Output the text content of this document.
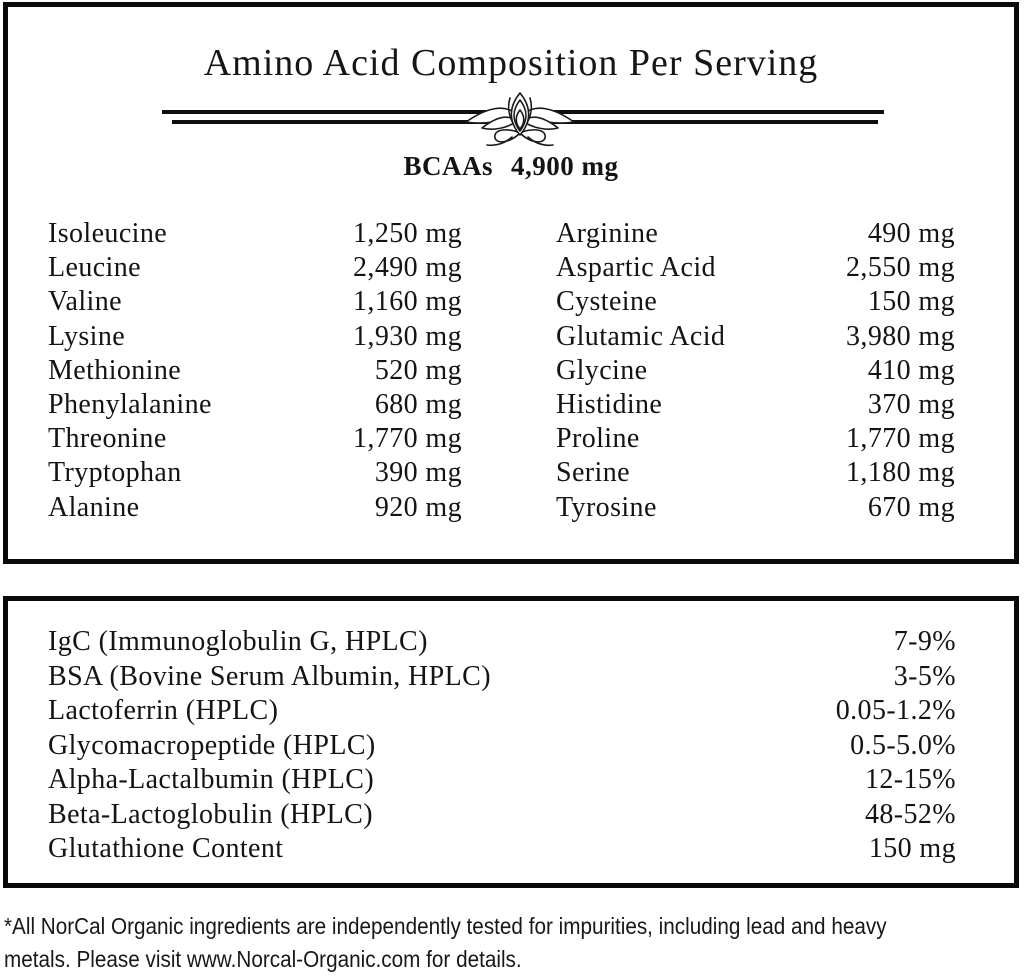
Amino Acid Composition Per Serving
BCAAs 4,900 mg
Isoleucine	1,250 mg
Leucine	2,490 mg
Valine	1,160 mg
Lysine	1,930 mg
Methionine	520 mg
Phenylalanine	680 mg
Threonine	1,770 mg
Tryptophan	390 mg
Alanine	920 mg
Arginine	490 mg
Aspartic Acid	2,550 mg
Cysteine	150 mg
Glutamic Acid	3,980 mg
Glycine	410 mg
Histidine	370 mg
Proline	1,770 mg
Serine	1,180 mg
Tyrosine	670 mg
IgC (Immunoglobulin G, HPLC)	7-9%
BSA (Bovine Serum Albumin, HPLC)	3-5%
Lactoferrin (HPLC)	0.05-1.2%
Glycomacropeptide (HPLC)	0.5-5.0%
Alpha-Lactalbumin (HPLC)	12-15%
Beta-Lactoglobulin (HPLC)	48-52%
Glutathione Content	150 mg
*All NorCal Organic ingredients are independently tested for impurities, including lead and heavy
metals. Please visit www.Norcal-Organic.com for details.
